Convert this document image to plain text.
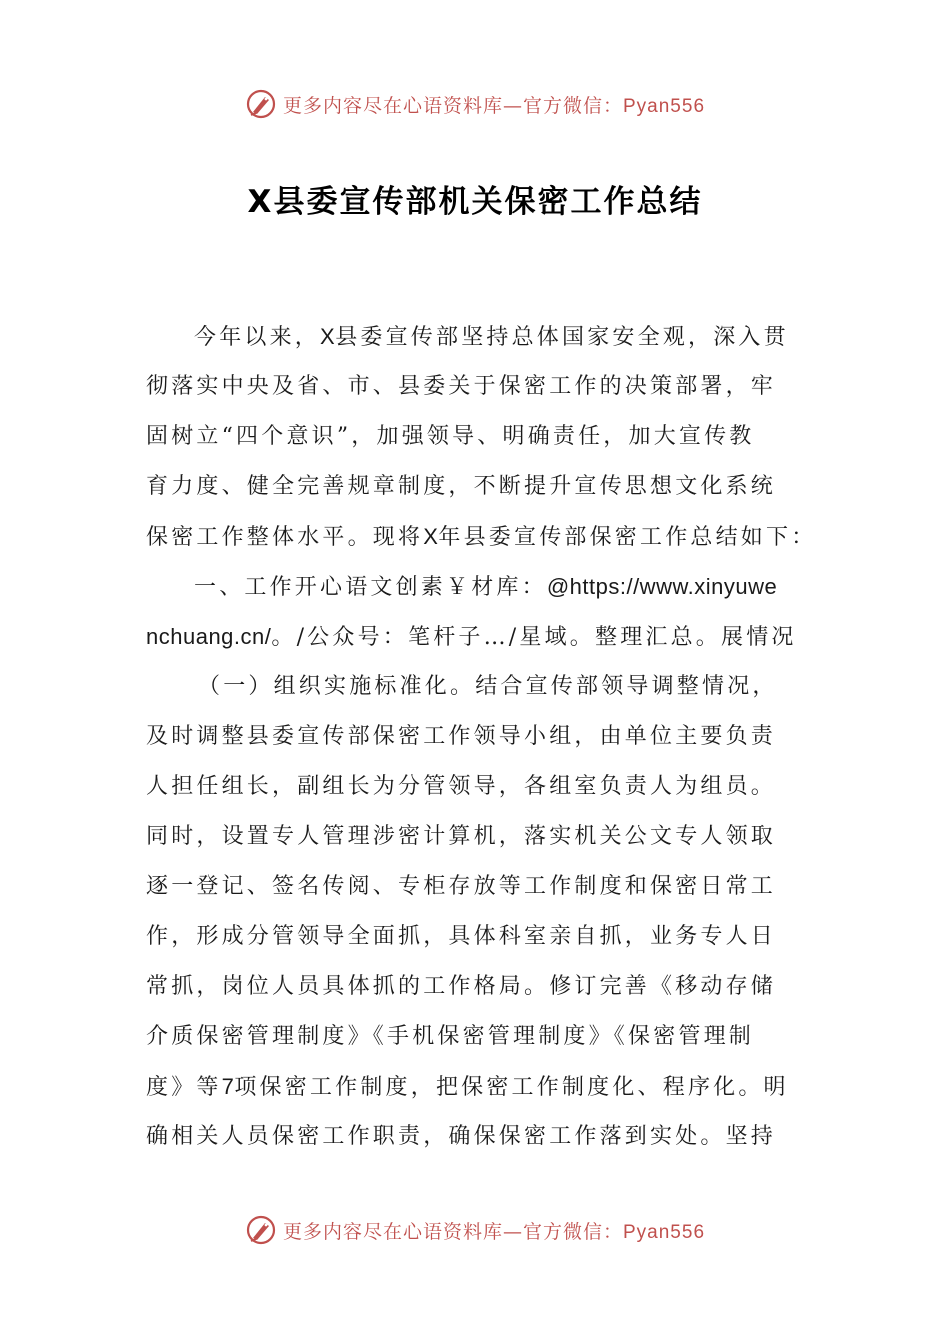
更多内容尽在心语资料库—官方微信：Pyan556
X县委宣传部机关保密工作总结
今年以来，X县委宣传部坚持总体国家安全观，深入贯
彻落实中央及省、市、县委关于保密工作的决策部署，牢
固树立“四个意识”，加强领导、明确责任，加大宣传教
育力度、健全完善规章制度，不断提升宣传思想文化系统
保密工作整体水平。现将X年县委宣传部保密工作总结如下：
一、工作开心语文创素￥材库：@https://www.xinyuwe
nchuang.cn/。/公众号：笔杆子…/星域。整理汇总。展情况
（一）组织实施标准化。结合宣传部领导调整情况，
及时调整县委宣传部保密工作领导小组，由单位主要负责
人担任组长，副组长为分管领导，各组室负责人为组员。
同时，设置专人管理涉密计算机，落实机关公文专人领取
逐一登记、签名传阅、专柜存放等工作制度和保密日常工
作，形成分管领导全面抓，具体科室亲自抓，业务专人日
常抓，岗位人员具体抓的工作格局。修订完善《移动存储
介质保密管理制度》《手机保密管理制度》《保密管理制
度》等7项保密工作制度，把保密工作制度化、程序化。明
确相关人员保密工作职责，确保保密工作落到实处。坚持
更多内容尽在心语资料库—官方微信：Pyan556
